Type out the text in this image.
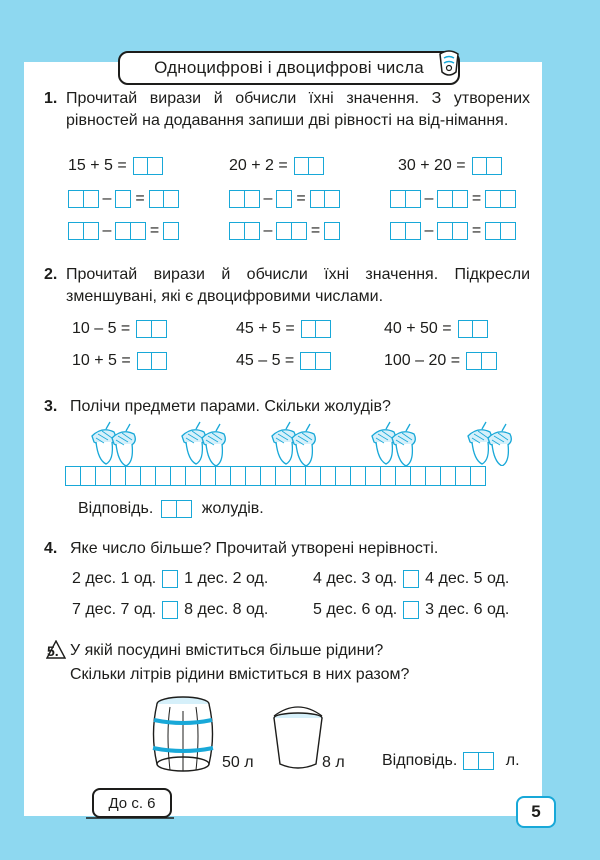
Одноцифрові і двоцифрові числа
1. Прочитай вирази й обчисли їхні значення. З утворених рівностей на додавання запиши дві рівності на від-німання.
15 + 5 =	20 + 2 =	30 + 20 =
– =	– =	– =
– =	– =	– =
2. Прочитай вирази й обчисли їхні значення. Підкресли зменшувані, які є двоцифровими числами.
10 – 5 =	45 + 5 =	40 + 50 =
10 + 5 =	45 – 5 =	100 – 20 =
3. Полічи предмети парами. Скільки жолудів?
Відповідь.	жолудів.
4. Яке число більше? Прочитай утворені нерівності.
2 дес. 1 од. 1 дес. 2 од.	4 дес. 3 од. 4 дес. 5 од.
7 дес. 7 од. 8 дес. 8 од.	5 дес. 6 од. 3 дес. 6 од.
5. У якій посудині вміститься більше рідини?
Скільки літрів рідини вміститься в них разом?
50 л	8 л Відповідь.	л.
До с. 6	5
